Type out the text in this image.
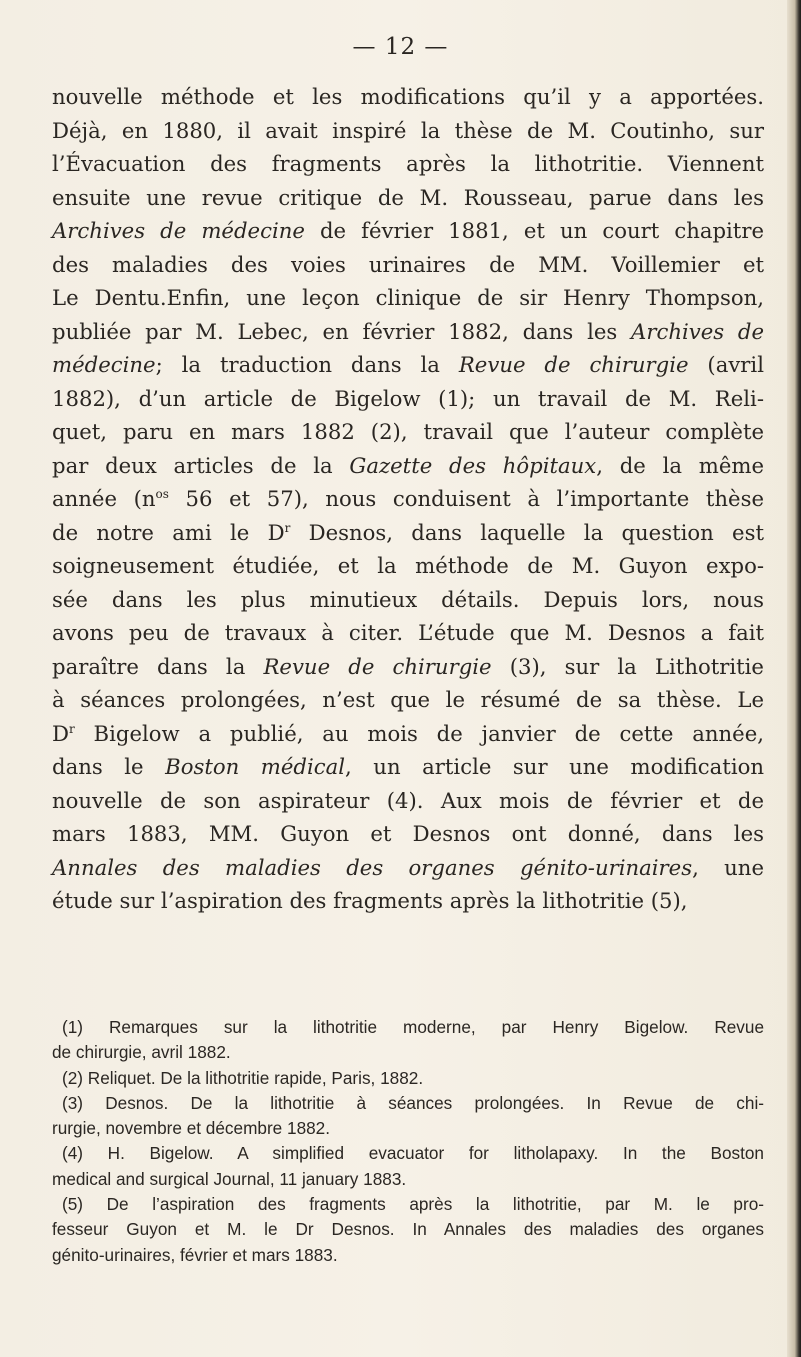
— 12 —
nouvelle méthode et les modifications qu’il y a apportées.
Déjà, en 1880, il avait inspiré la thèse de M. Coutinho, sur
l’Évacuation des fragments après la lithotritie. Viennent
ensuite une revue critique de M. Rousseau, parue dans les
Archives de médecine de février 1881, et un court chapitre
des maladies des voies urinaires de MM. Voillemier et
Le Dentu.Enfin, une leçon clinique de sir Henry Thompson,
publiée par M. Lebec, en février 1882, dans les Archives de
médecine; la traduction dans la Revue de chirurgie (avril
1882), d’un article de Bigelow (1); un travail de M. Reli-
quet, paru en mars 1882 (2), travail que l’auteur complète
par deux articles de la Gazette des hôpitaux, de la même
année ($n^{os}$ 56 et 57), nous conduisent à l’importante thèse
de notre ami le $D^r$ Desnos, dans laquelle la question est
soigneusement étudiée, et la méthode de M. Guyon expo-
sée dans les plus minutieux détails. Depuis lors, nous
avons peu de travaux à citer. L’étude que M. Desnos a fait
paraître dans la Revue de chirurgie (3), sur la Lithotritie
à séances prolongées, n’est que le résumé de sa thèse. Le
$D^r$ Bigelow a publié, au mois de janvier de cette année,
dans le Boston médical, un article sur une modification
nouvelle de son aspirateur (4). Aux mois de février et de
mars 1883, MM. Guyon et Desnos ont donné, dans les
Annales des maladies des organes génito-urinaires, une
étude sur l’aspiration des fragments après la lithotritie (5),
(1) Remarques sur la lithotritie moderne, par Henry Bigelow. Revue
de chirurgie, avril 1882.
(2) Reliquet. De la lithotritie rapide, Paris, 1882.
(3) Desnos. De la lithotritie à séances prolongées. In Revue de chi-
rurgie, novembre et décembre 1882.
(4) H. Bigelow. A simplified evacuator for litholapaxy. In the Boston
medical and surgical Journal, 11 january 1883.
(5) De l’aspiration des fragments après la lithotritie, par M. le pro-
fesseur Guyon et M. le Dr Desnos. In Annales des maladies des organes
génito-urinaires, février et mars 1883.
